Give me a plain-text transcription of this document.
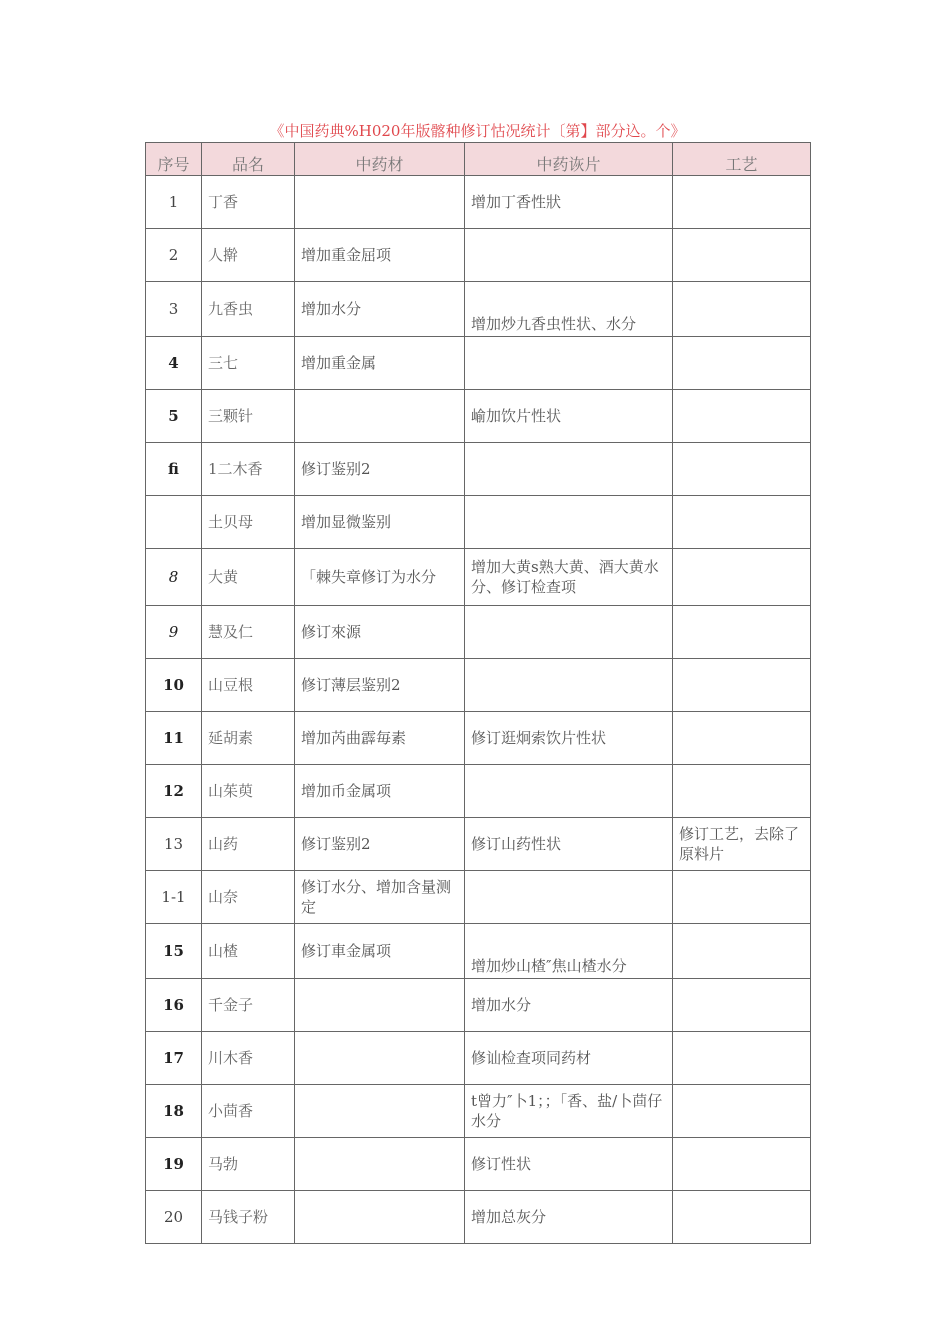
《中国药典%H020年版髂种修订怙况统计〔第】部分込。个》
序号	品名	中药材	中药诙片	工艺
1	丁香		增加丁香性狀	
2	人擀	增加重金屈项		
3	九香虫	增加水分	增加炒九香虫性状、水分	
4	三七	增加重金属		
5	三颗针		崳加饮片性状	
fi	1二木香	修订鉴别2		
	土贝母	增加显微鉴别		
8	大黄	「棘失章修订为水分	增加大黄s熟大黄、酒大黄水分、修订检查项	
9	慧及仁	修订來源		
10	山豆根	修订薄层鉴别2		
11	延胡素	增加芮曲霹毎素	修订逛炯索饮片性状	
12	山茱萸	增加币金属项		
13	山药	修订鉴别2	修订山药性状	修订工艺，去除了原料片
1-1	山奈	修订水分、增加含量测定		
15	山楂	修订車金属项	增加炒山楂″焦山楂水分	
16	千金子		增加水分	
17	川木香		修讪检查项同药材	
18	小茴香		t曾力″卜1；；「香、盐/卜茴仔水分	
19	马勃		修订性状	
20	马钱子粉		增加总灰分	
